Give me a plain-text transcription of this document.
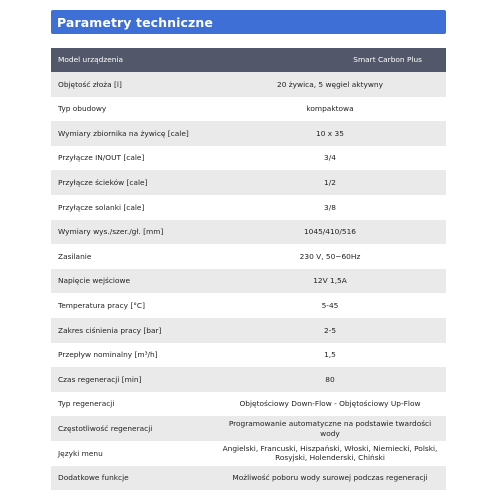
Parametry techniczne
Model urządzenia	Smart Carbon Plus
Objętość złoża [l]	20 żywica, 5 węgiel aktywny
Typ obudowy	kompaktowa
Wymiary zbiornika na żywicę [cale]	10 x 35
Przyłącze IN/OUT [cale]	3/4
Przyłącze ścieków [cale]	1/2
Przyłącze solanki [cale]	3/8
Wymiary wys./szer./gł. [mm]	1045/410/516
Zasilanie	230 V, 50~60Hz
Napięcie wejściowe	12V 1,5A
Temperatura pracy [°C]	5-45
Zakres ciśnienia pracy [bar]	2-5
Przepływ nominalny [m³/h]	1,5
Czas regeneracji [min]	80
Typ regeneracji	Objętościowy Down-Flow - Objętościowy Up-Flow
Częstotliwość regeneracji	Programowanie automatyczne na podstawie twardości wody
Języki menu	Angielski, Francuski, Hiszpański, Włoski, Niemiecki, Polski, Rosyjski, Holenderski, Chiński
Dodatkowe funkcje	Możliwość poboru wody surowej podczas regeneracji
